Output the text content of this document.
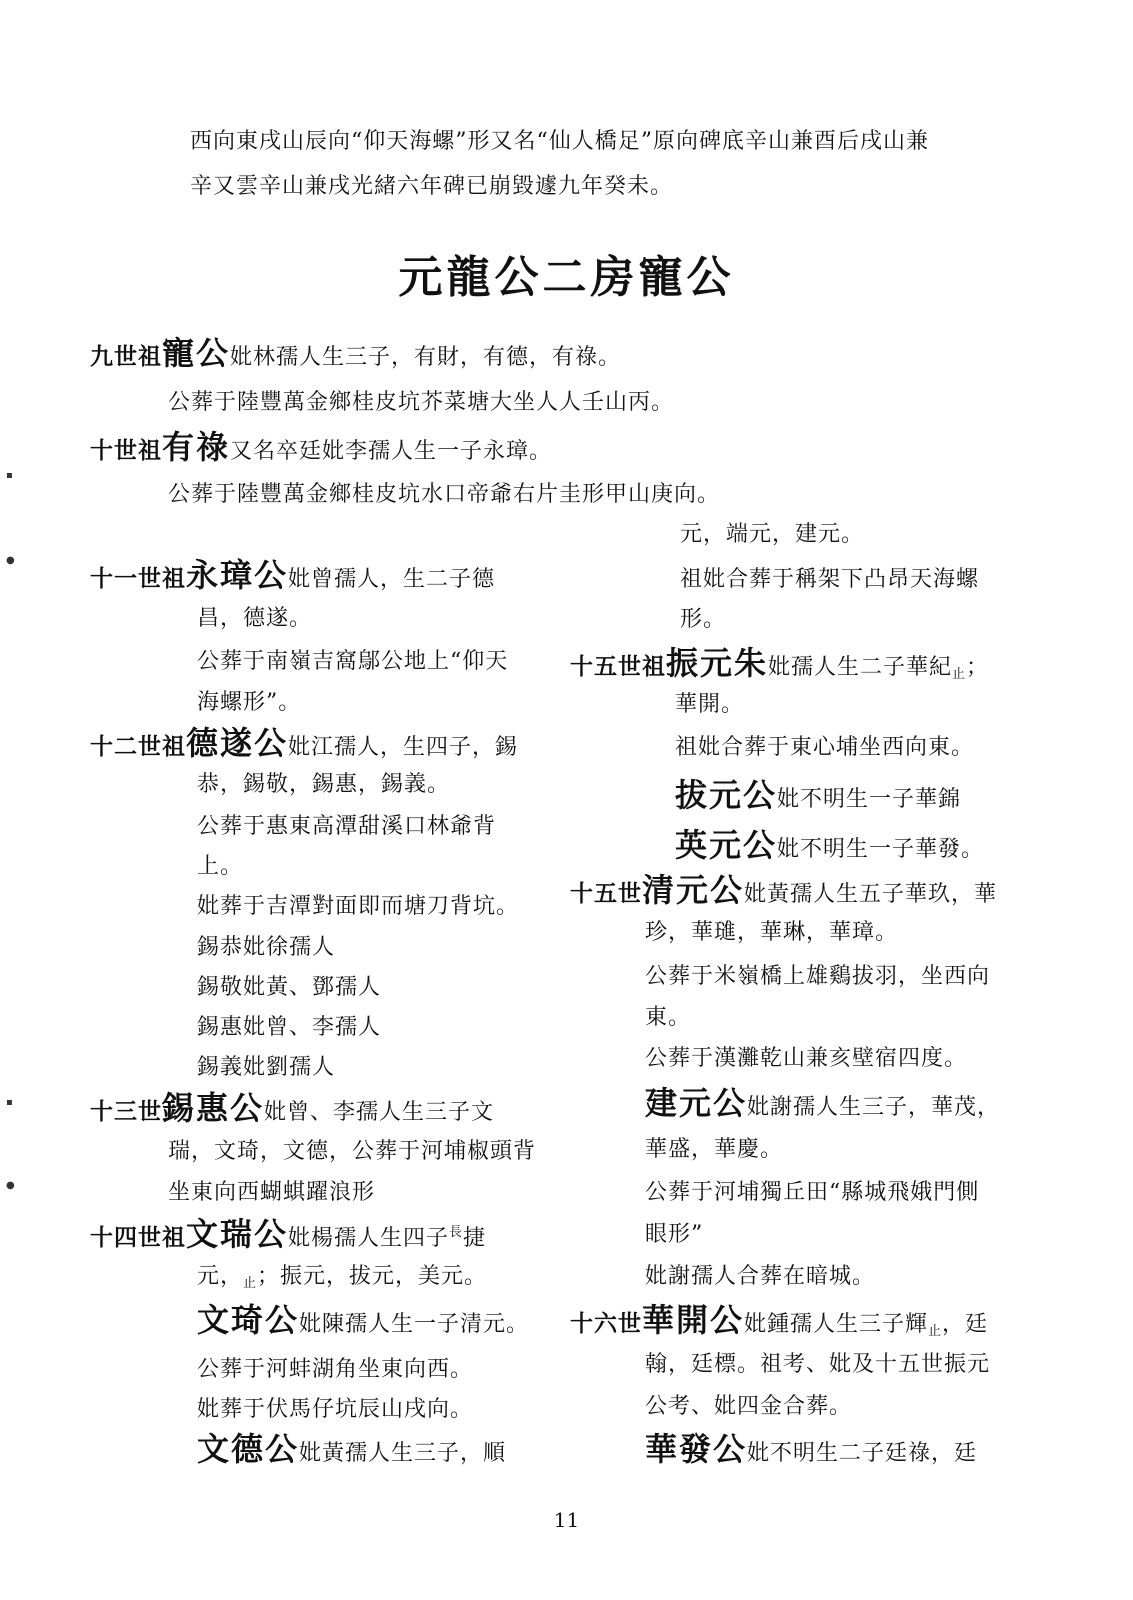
西向東戌山辰向“仰天海螺”形又名“仙人橋足”原向碑底辛山兼酉后戌山兼
辛又雲辛山兼戌光緒六年碑已崩毀遽九年癸未。
元龍公二房寵公
九世祖寵公妣林孺人生三子，有財，有德，有祿。
公葬于陸豐萬金鄉桂皮坑芥菜塘大坐人人壬山丙。
十世祖有祿又名卒廷妣李孺人生一子永璋。
公葬于陸豐萬金鄉桂皮坑水口帝爺右片圭形甲山庚向。
十一世祖永璋公妣曾孺人，生二子德
昌，德遂。
公葬于南嶺吉窩鄔公地上“仰天
海螺形”。
十二世祖德遂公妣江孺人，生四子，錫
恭，錫敬，錫惠，錫義。
公葬于惠東高潭甜溪口林爺背
上。
妣葬于吉潭對面即而塘刀背坑。
錫恭妣徐孺人
錫敬妣黃、鄧孺人
錫惠妣曾、李孺人
錫義妣劉孺人
十三世錫惠公妣曾、李孺人生三子文
瑞，文琦，文德，公葬于河埔椒頭背
坐東向西蝴蜞躍浪形
十四世祖文瑞公妣楊孺人生四子$^長$捷
元，$_止$；振元，拔元，美元。
文琦公妣陳孺人生一子清元。
公葬于河蚌湖角坐東向西。
妣葬于伏馬仔坑辰山戌向。
文德公妣黃孺人生三子，順
元，端元，建元。
祖妣合葬于稱架下凸昂天海螺
形。
十五世祖振元朱妣孺人生二子華紀$_止$；
華開。
祖妣合葬于東心埔坐西向東。
拔元公妣不明生一子華錦
英元公妣不明生一子華發。
十五世清元公妣黃孺人生五子華玖，華
珍，華璡，華琳，華璋。
公葬于米嶺橋上雄鷄拔羽，坐西向
東。
公葬于漢灘乾山兼亥壁宿四度。
建元公妣謝孺人生三子，華茂，
華盛，華慶。
公葬于河埔獨丘田“縣城飛娥門側
眼形”
妣謝孺人合葬在暗城。
十六世華開公妣鍾孺人生三子輝$_止$，廷
翰，廷標。祖考、妣及十五世振元
公考、妣四金合葬。
華發公妣不明生二子廷祿，廷
11
▪
●
▪
●
